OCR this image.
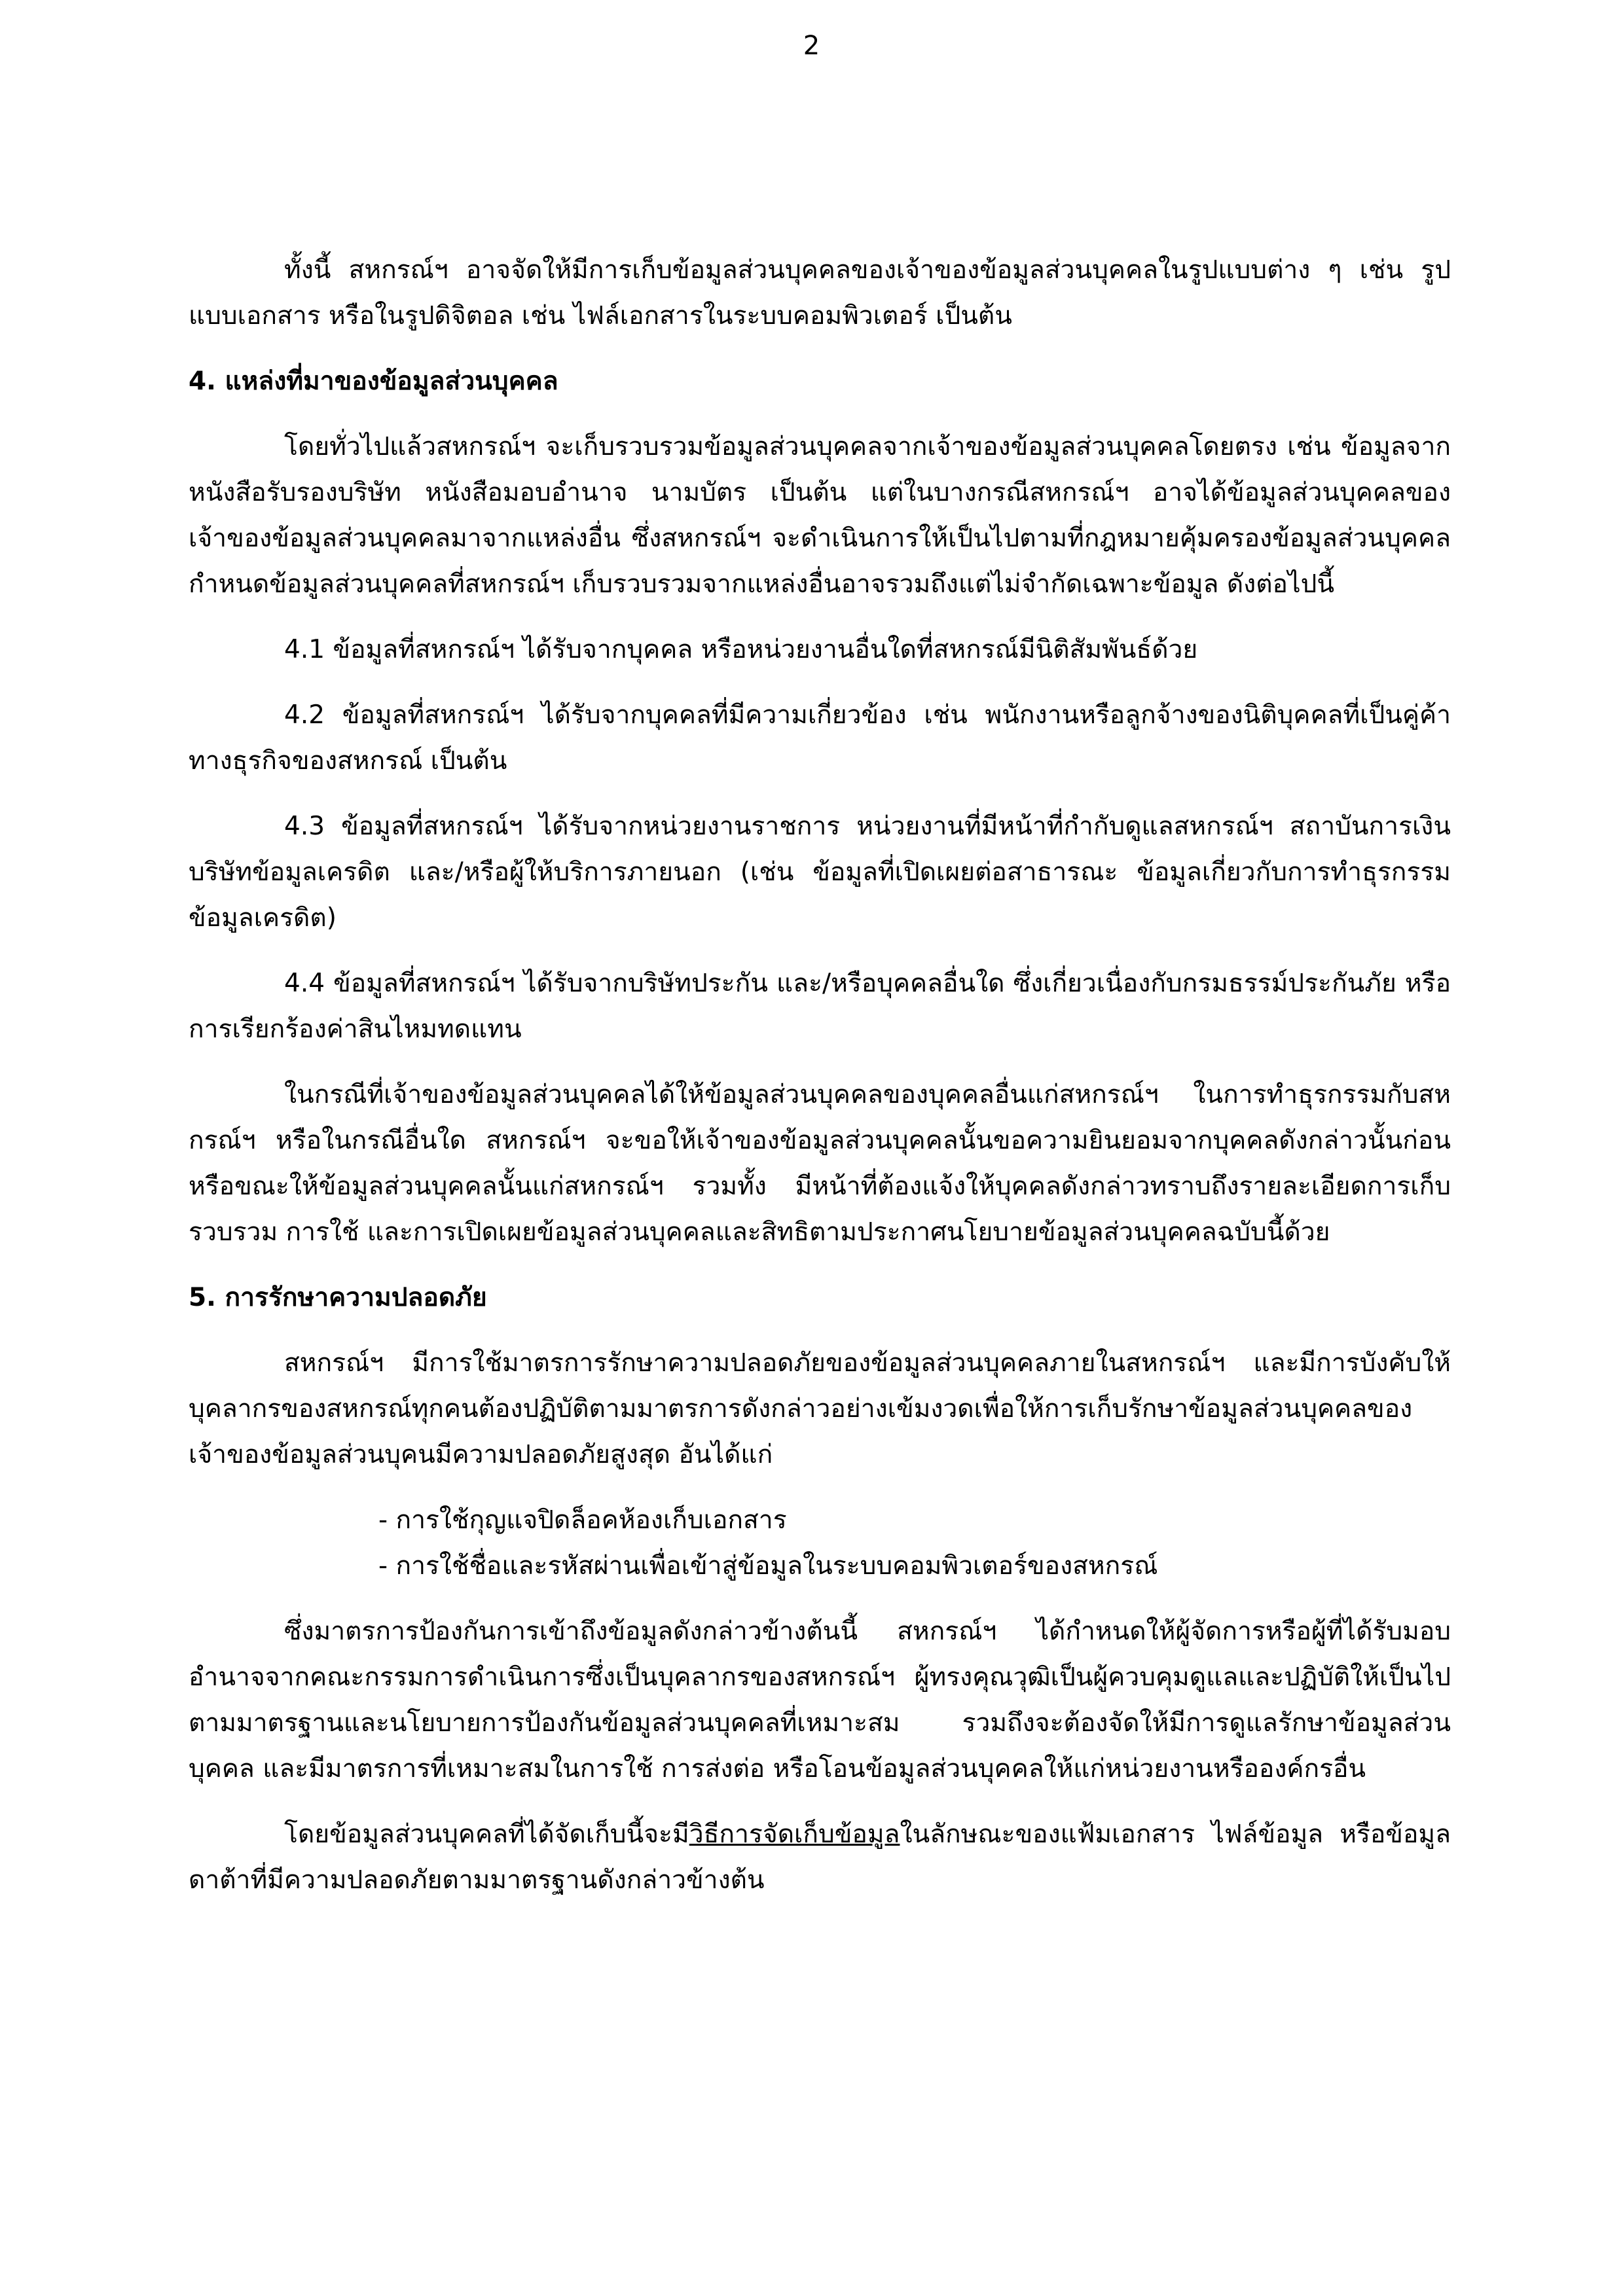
2

ทั้งนี้ สหกรณ์ฯ อาจจัดให้มีการเก็บข้อมูลส่วนบุคคลของเจ้าของข้อมูลส่วนบุคคลในรูปแบบต่าง ๆ เช่น รูปแบบเอกสาร หรือในรูปดิจิตอล เช่น ไฟล์เอกสารในระบบคอมพิวเตอร์ เป็นต้น

4. แหล่งที่มาของข้อมูลส่วนบุคคล

โดยทั่วไปแล้วสหกรณ์ฯ จะเก็บรวบรวมข้อมูลส่วนบุคคลจากเจ้าของข้อมูลส่วนบุคคลโดยตรง เช่น ข้อมูลจากหนังสือรับรองบริษัท หนังสือมอบอำนาจ นามบัตร เป็นต้น แต่ในบางกรณีสหกรณ์ฯ อาจได้ข้อมูลส่วนบุคคลของเจ้าของข้อมูลส่วนบุคคลมาจากแหล่งอื่น ซึ่งสหกรณ์ฯ จะดำเนินการให้เป็นไปตามที่กฎหมายคุ้มครองข้อมูลส่วนบุคคลกำหนดข้อมูลส่วนบุคคลที่สหกรณ์ฯ เก็บรวบรวมจากแหล่งอื่นอาจรวมถึงแต่ไม่จำกัดเฉพาะข้อมูล ดังต่อไปนี้

4.1 ข้อมูลที่สหกรณ์ฯ ได้รับจากบุคคล หรือหน่วยงานอื่นใดที่สหกรณ์มีนิติสัมพันธ์ด้วย

4.2 ข้อมูลที่สหกรณ์ฯ ได้รับจากบุคคลที่มีความเกี่ยวข้อง เช่น พนักงานหรือลูกจ้างของนิติบุคคลที่เป็นคู่ค้าทางธุรกิจของสหกรณ์ เป็นต้น

4.3 ข้อมูลที่สหกรณ์ฯ ได้รับจากหน่วยงานราชการ หน่วยงานที่มีหน้าที่กำกับดูแลสหกรณ์ฯ สถาบันการเงิน บริษัทข้อมูลเครดิต และ/หรือผู้ให้บริการภายนอก (เช่น ข้อมูลที่เปิดเผยต่อสาธารณะ ข้อมูลเกี่ยวกับการทำธุรกรรมข้อมูลเครดิต)

4.4 ข้อมูลที่สหกรณ์ฯ ได้รับจากบริษัทประกัน และ/หรือบุคคลอื่นใด ซึ่งเกี่ยวเนื่องกับกรมธรรม์ประกันภัย หรือการเรียกร้องค่าสินไหมทดแทน

ในกรณีที่เจ้าของข้อมูลส่วนบุคคลได้ให้ข้อมูลส่วนบุคคลของบุคคลอื่นแก่สหกรณ์ฯ ในการทำธุรกรรมกับสหกรณ์ฯ หรือในกรณีอื่นใด สหกรณ์ฯ จะขอให้เจ้าของข้อมูลส่วนบุคคลนั้นขอความยินยอมจากบุคคลดังกล่าวนั้นก่อนหรือขณะให้ข้อมูลส่วนบุคคลนั้นแก่สหกรณ์ฯ รวมทั้ง มีหน้าที่ต้องแจ้งให้บุคคลดังกล่าวทราบถึงรายละเอียดการเก็บรวบรวม การใช้ และการเปิดเผยข้อมูลส่วนบุคคลและสิทธิตามประกาศนโยบายข้อมูลส่วนบุคคลฉบับนี้ด้วย

5. การรักษาความปลอดภัย

สหกรณ์ฯ มีการใช้มาตรการรักษาความปลอดภัยของข้อมูลส่วนบุคคลภายในสหกรณ์ฯ และมีการบังคับให้บุคลากรของสหกรณ์ทุกคนต้องปฏิบัติตามมาตรการดังกล่าวอย่างเข้มงวดเพื่อให้การเก็บรักษาข้อมูลส่วนบุคคลของเจ้าของข้อมูลส่วนบุคนมีความปลอดภัยสูงสุด อันได้แก่

- การใช้กุญแจปิดล็อคห้องเก็บเอกสาร
- การใช้ชื่อและรหัสผ่านเพื่อเข้าสู่ข้อมูลในระบบคอมพิวเตอร์ของสหกรณ์

ซึ่งมาตรการป้องกันการเข้าถึงข้อมูลดังกล่าวข้างต้นนี้ สหกรณ์ฯ ได้กำหนดให้ผู้จัดการหรือผู้ที่ได้รับมอบอำนาจจากคณะกรรมการดำเนินการซึ่งเป็นบุคลากรของสหกรณ์ฯ ผู้ทรงคุณวุฒิเป็นผู้ควบคุมดูแลและปฏิบัติให้เป็นไปตามมาตรฐานและนโยบายการป้องกันข้อมูลส่วนบุคคลที่เหมาะสม รวมถึงจะต้องจัดให้มีการดูแลรักษาข้อมูลส่วนบุคคล และมีมาตรการที่เหมาะสมในการใช้ การส่งต่อ หรือโอนข้อมูลส่วนบุคคลให้แก่หน่วยงานหรือองค์กรอื่น

โดยข้อมูลส่วนบุคคลที่ได้จัดเก็บนี้จะมีวิธีการจัดเก็บข้อมูลในลักษณะของแฟ้มเอกสาร ไฟล์ข้อมูล หรือข้อมูลดาต้าที่มีความปลอดภัยตามมาตรฐานดังกล่าวข้างต้น
